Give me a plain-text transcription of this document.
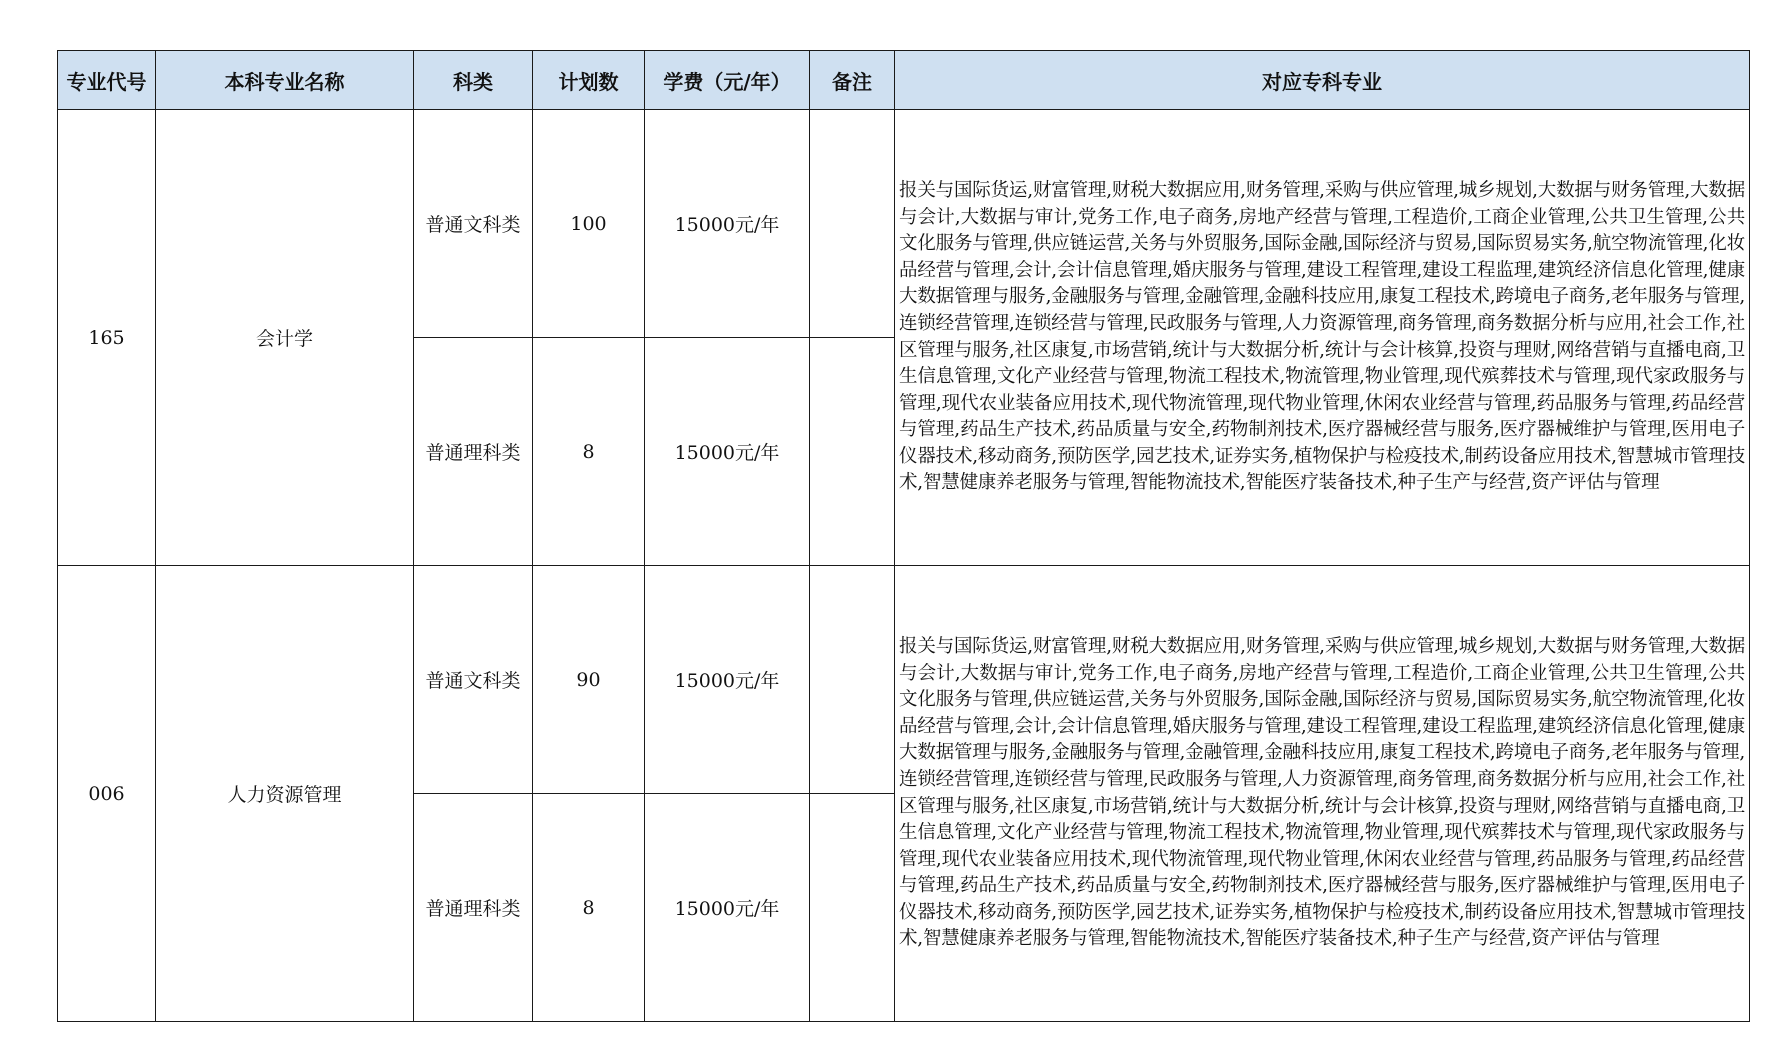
专业代号	本科专业名称	科类	计划数	学费（元/年）	备注	对应专科专业
165	会计学	普通文科类	100	15000元/年		报关与国际货运,财富管理,财税大数据应用,财务管理,采购与供应管理,城乡规划,大数据与财务管理,大数据与会计,大数据与审计,党务工作,电子商务,房地产经营与管理,工程造价,工商企业管理,公共卫生管理,公共文化服务与管理,供应链运营,关务与外贸服务,国际金融,国际经济与贸易,国际贸易实务,航空物流管理,化妆品经营与管理,会计,会计信息管理,婚庆服务与管理,建设工程管理,建设工程监理,建筑经济信息化管理,健康大数据管理与服务,金融服务与管理,金融管理,金融科技应用,康复工程技术,跨境电子商务,老年服务与管理,连锁经营管理,连锁经营与管理,民政服务与管理,人力资源管理,商务管理,商务数据分析与应用,社会工作,社区管理与服务,社区康复,市场营销,统计与大数据分析,统计与会计核算,投资与理财,网络营销与直播电商,卫生信息管理,文化产业经营与管理,物流工程技术,物流管理,物业管理,现代殡葬技术与管理,现代家政服务与管理,现代农业装备应用技术,现代物流管理,现代物业管理,休闲农业经营与管理,药品服务与管理,药品经营与管理,药品生产技术,药品质量与安全,药物制剂技术,医疗器械经营与服务,医疗器械维护与管理,医用电子仪器技术,移动商务,预防医学,园艺技术,证券实务,植物保护与检疫技术,制药设备应用技术,智慧城市管理技术,智慧健康养老服务与管理,智能物流技术,智能医疗装备技术,种子生产与经营,资产评估与管理

		普通理科类	8	15000元/年		
006	人力资源管理	普通文科类	90	15000元/年		报关与国际货运,财富管理,财税大数据应用,财务管理,采购与供应管理,城乡规划,大数据与财务管理,大数据与会计,大数据与审计,党务工作,电子商务,房地产经营与管理,工程造价,工商企业管理,公共卫生管理,公共文化服务与管理,供应链运营,关务与外贸服务,国际金融,国际经济与贸易,国际贸易实务,航空物流管理,化妆品经营与管理,会计,会计信息管理,婚庆服务与管理,建设工程管理,建设工程监理,建筑经济信息化管理,健康大数据管理与服务,金融服务与管理,金融管理,金融科技应用,康复工程技术,跨境电子商务,老年服务与管理,连锁经营管理,连锁经营与管理,民政服务与管理,人力资源管理,商务管理,商务数据分析与应用,社会工作,社区管理与服务,社区康复,市场营销,统计与大数据分析,统计与会计核算,投资与理财,网络营销与直播电商,卫生信息管理,文化产业经营与管理,物流工程技术,物流管理,物业管理,现代殡葬技术与管理,现代家政服务与管理,现代农业装备应用技术,现代物流管理,现代物业管理,休闲农业经营与管理,药品服务与管理,药品经营与管理,药品生产技术,药品质量与安全,药物制剂技术,医疗器械经营与服务,医疗器械维护与管理,医用电子仪器技术,移动商务,预防医学,园艺技术,证券实务,植物保护与检疫技术,制药设备应用技术,智慧城市管理技术,智慧健康养老服务与管理,智能物流技术,智能医疗装备技术,种子生产与经营,资产评估与管理

		普通理科类	8	15000元/年		
